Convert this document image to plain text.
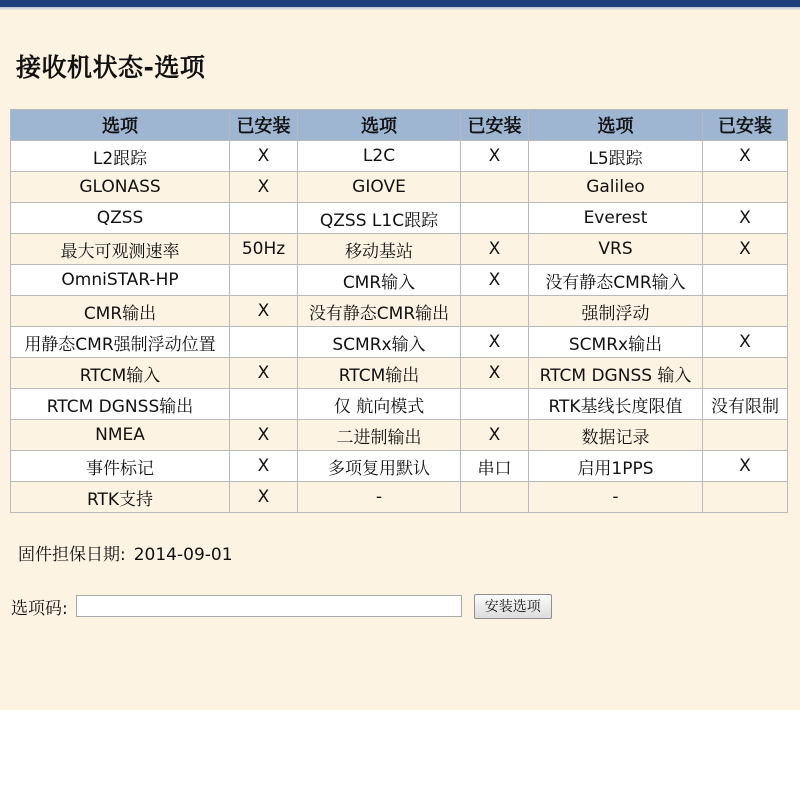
接收机状态-选项
选项	已安装	选项	已安装	选项	已安装
L2跟踪	X	L2C	X	L5跟踪	X
GLONASS	X	GIOVE		Galileo	
QZSS		QZSS L1C跟踪		Everest	X
最大可观测速率	50Hz	移动基站	X	VRS	X
OmniSTAR-HP		CMR输入	X	没有静态CMR输入	
CMR输出	X	没有静态CMR输出		强制浮动	
用静态CMR强制浮动位置		SCMRx输入	X	SCMRx输出	X
RTCM输入	X	RTCM输出	X	RTCM DGNSS 输入	
RTCM DGNSS输出		仅 航向模式		RTK基线长度限值	没有限制
NMEA	X	二进制输出	X	数据记录	
事件标记	X	多项复用默认	串口	启用1PPS	X
RTK支持	X	-		-	
固件担保日期: 2014-09-01
选项码:	安装选项
